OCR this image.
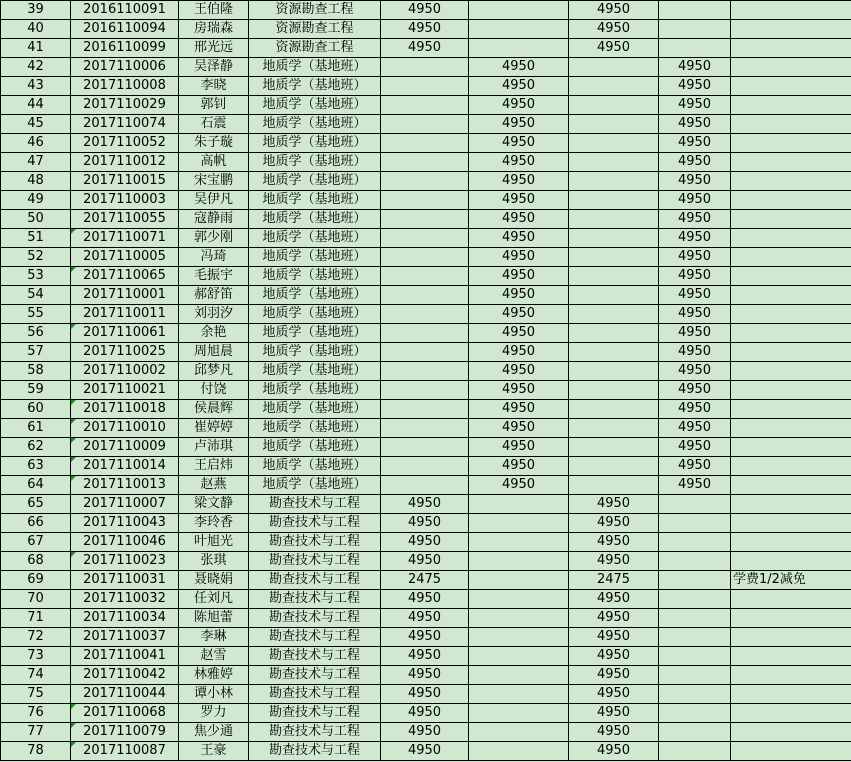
39	2016110091	王伯隆	资源勘查工程	4950		4950		
40	2016110094	房瑞森	资源勘查工程	4950		4950		
41	2016110099	邢光远	资源勘查工程	4950		4950		
42	2017110006	吴泽静	地质学（基地班）		4950		4950	
43	2017110008	李晓	地质学（基地班）		4950		4950	
44	2017110029	郭钊	地质学（基地班）		4950		4950	
45	2017110074	石震	地质学（基地班）		4950		4950	
46	2017110052	朱子璇	地质学（基地班）		4950		4950	
47	2017110012	高帆	地质学（基地班）		4950		4950	
48	2017110015	宋宝鹏	地质学（基地班）		4950		4950	
49	2017110003	吴伊凡	地质学（基地班）		4950		4950	
50	2017110055	寇静雨	地质学（基地班）		4950		4950	
51	2017110071	郭少刚	地质学（基地班）		4950		4950	
52	2017110005	冯琦	地质学（基地班）		4950		4950	
53	2017110065	毛振宇	地质学（基地班）		4950		4950	
54	2017110001	郝舒笛	地质学（基地班）		4950		4950	
55	2017110011	刘羽汐	地质学（基地班）		4950		4950	
56	2017110061	余艳	地质学（基地班）		4950		4950	
57	2017110025	周旭晨	地质学（基地班）		4950		4950	
58	2017110002	邱梦凡	地质学（基地班）		4950		4950	
59	2017110021	付饶	地质学（基地班）		4950		4950	
60	2017110018	侯晨辉	地质学（基地班）		4950		4950	
61	2017110010	崔婷婷	地质学（基地班）		4950		4950	
62	2017110009	卢沛琪	地质学（基地班）		4950		4950	
63	2017110014	王启炜	地质学（基地班）		4950		4950	
64	2017110013	赵燕	地质学（基地班）		4950		4950	
65	2017110007	梁文静	勘查技术与工程	4950		4950		
66	2017110043	李玲香	勘查技术与工程	4950		4950		
67	2017110046	叶旭光	勘查技术与工程	4950		4950		
68	2017110023	张琪	勘查技术与工程	4950		4950		
69	2017110031	聂晓娟	勘查技术与工程	2475		2475		学费1/2减免
70	2017110032	任刘凡	勘查技术与工程	4950		4950		
71	2017110034	陈旭蕾	勘查技术与工程	4950		4950		
72	2017110037	李琳	勘查技术与工程	4950		4950		
73	2017110041	赵雪	勘查技术与工程	4950		4950		
74	2017110042	林雅婷	勘查技术与工程	4950		4950		
75	2017110044	谭小林	勘查技术与工程	4950		4950		
76	2017110068	罗力	勘查技术与工程	4950		4950		
77	2017110079	焦少通	勘查技术与工程	4950		4950		
78	2017110087	王豪	勘查技术与工程	4950		4950		
